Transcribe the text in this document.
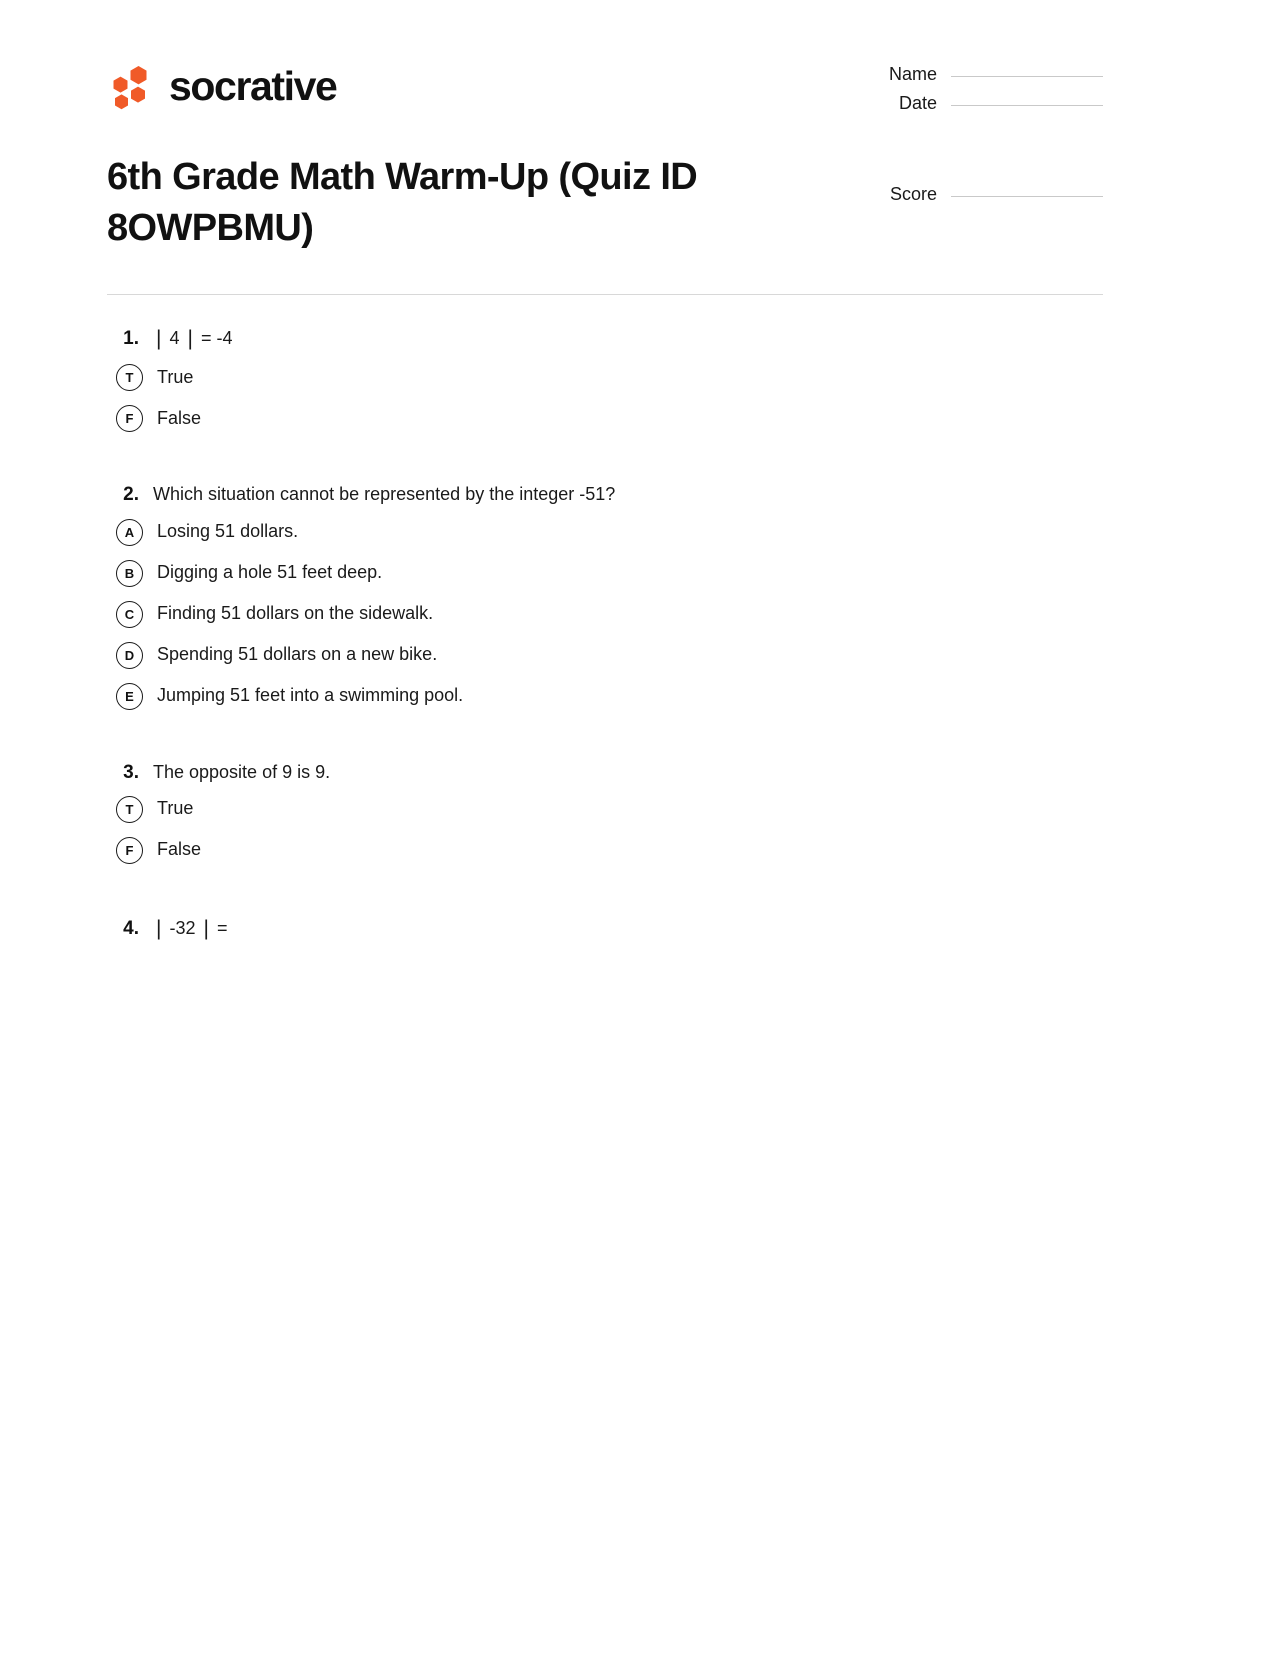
socrative	Name
Date
Score
6th Grade Math Warm-Up (Quiz ID 8OWPBMU)
1. | 4 | = -4
T	True
F	False
2. Which situation cannot be represented by the integer -51?
A	Losing 51 dollars.
B	Digging a hole 51 feet deep.
C	Finding 51 dollars on the sidewalk.
D	Spending 51 dollars on a new bike.
E	Jumping 51 feet into a swimming pool.
3. The opposite of 9 is 9.
T	True
F	False
4. | -32 | =
